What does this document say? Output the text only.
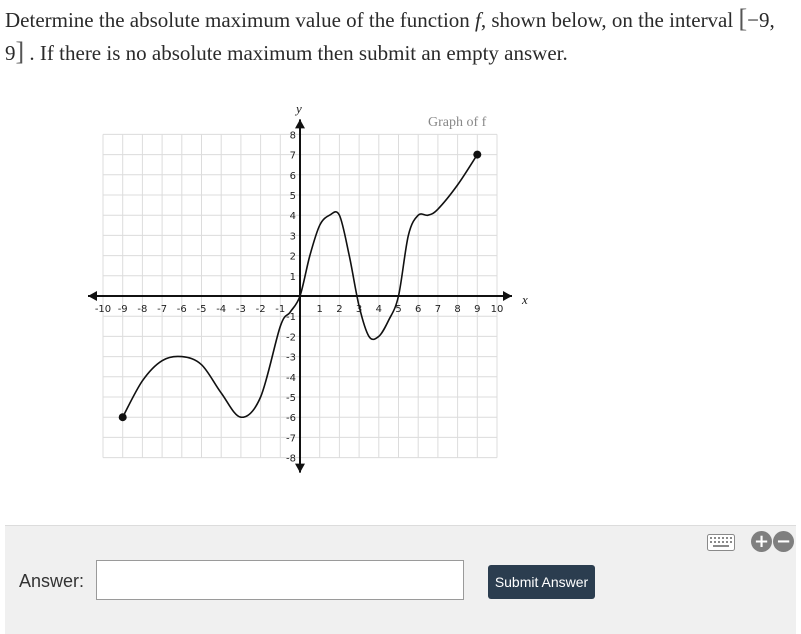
Determine the absolute maximum value of the function f, shown below, on the interval [−9, 9] . If there is no absolute maximum then submit an empty answer.
-10 -9 -8 -7 -6 -5 -4 -3 -2 -1	1 2 3 4 5 6 7 8 9 10
8
7
6
5
4
3
2
1
-1
-2
-3
-4
-5
-6
-7
-8
Graph of f
x
y
+ −
Answer:	Submit Answer
